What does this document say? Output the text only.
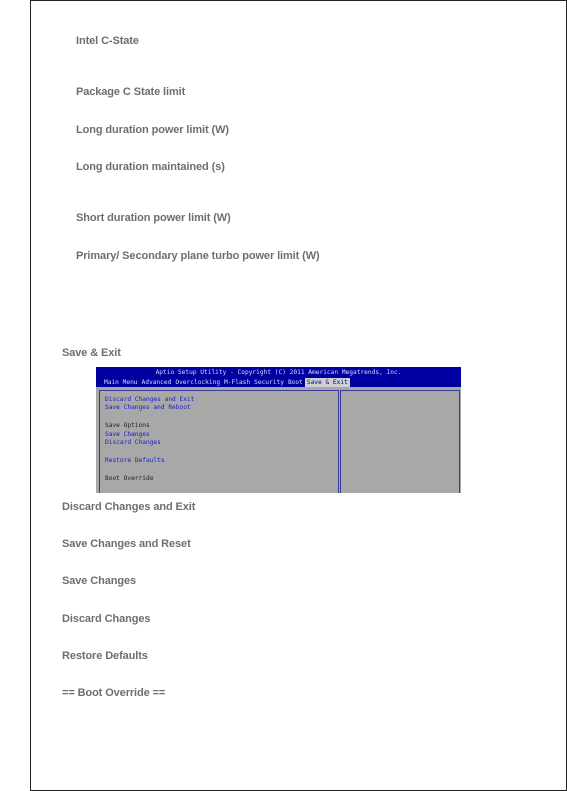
Intel C-State
Package C State limit
Long duration power limit (W)
Long duration maintained (s)
Short duration power limit (W)
Primary/ Secondary plane turbo power limit (W)
Save & Exit
Aptio Setup Utility - Copyright (C) 2011 American Megatrends, Inc.
Main Menu Advanced Overclocking M-Flash Security Boot Save & Exit
Discard Changes and Exit
Save Changes and Reboot
Save Options
Save Changes
Discard Changes
Restore Defaults
Boot Override
Discard Changes and Exit
Save Changes and Reset
Save Changes
Discard Changes
Restore Defaults
== Boot Override ==
